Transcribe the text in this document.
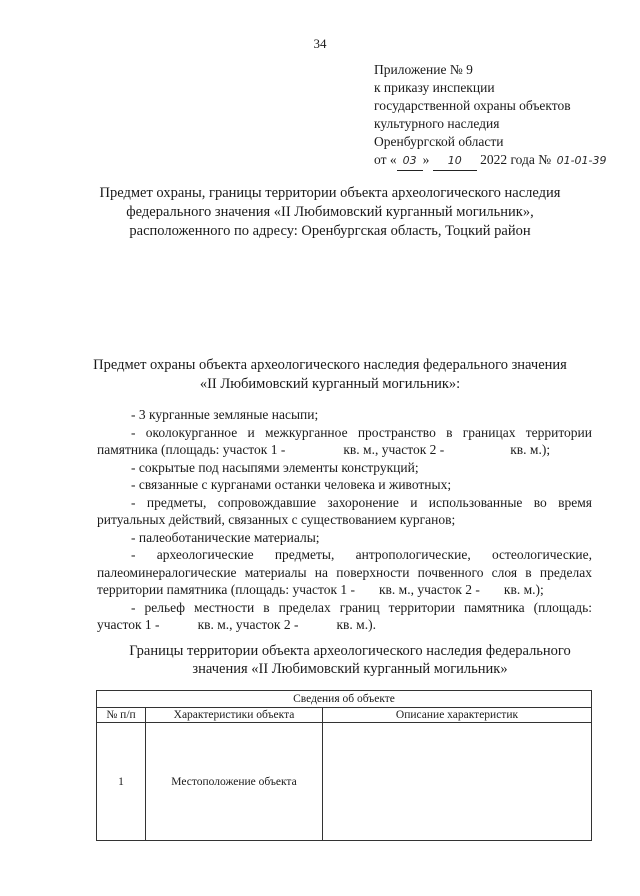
34
Приложение № 9
к приказу инспекции
государственной охраны объектов
культурного наследия
Оренбургской области
от « 03 » 10 2022 года № 01-01-39
Предмет охраны, границы территории объекта археологического наследия
федерального значения «II Любимовский курганный могильник»,
расположенного по адресу: Оренбургская область, Тоцкий район
Предмет охраны объекта археологического наследия федерального значения
«II Любимовский курганный могильник»:

- 3 курганные земляные насыпи;

- околокурганное и межкурганное пространство в границах территории памятника (площадь: участок 1 -	кв. м., участок 2 -	кв. м.);

- сокрытые под насыпями элементы конструкций;

- связанные с курганами останки человека и животных;

- предметы, сопровождавшие захоронение и использованные во время ритуальных действий, связанных с существованием курганов;

- палеоботанические материалы;

- археологические предметы, антропологические, остеологические, палеоминералогические материалы на поверхности почвенного слоя в пределах территории памятника (площадь: участок 1 - кв. м., участок 2 - кв. м.);

- рельеф местности в пределах границ территории памятника (площадь: участок 1 -	кв. м., участок 2 -	кв. м.).

Границы территории объекта археологического наследия федерального
значения «II Любимовский курганный могильник»
Сведения об объекте		
№ п/п	Характеристики объекта	Описание характеристик
1	Местоположение объекта	
